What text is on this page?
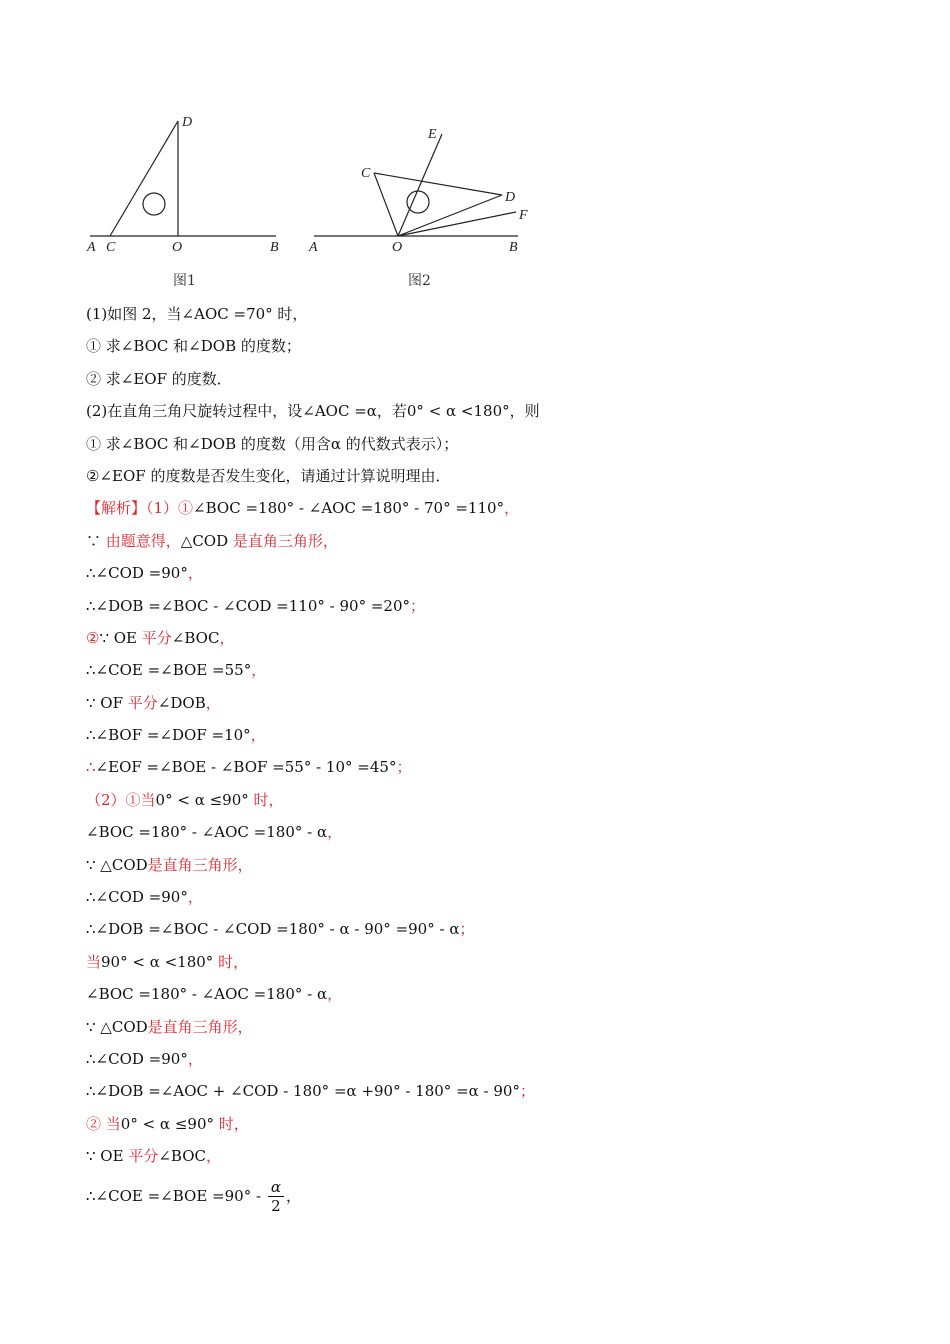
D
A C	O	B
E
C
D
F
A	O	B
图1	图2
(1)如图 2，当∠AOC =70° 时，
① 求∠BOC 和∠DOB 的度数；
② 求∠EOF 的度数．
(2)在直角三角尺旋转过程中，设∠AOC =α，若0° < α <180°，则
① 求∠BOC 和∠DOB 的度数（用含α 的代数式表示）；
②∠EOF 的度数是否发生变化，请通过计算说明理由．
【解析】（1）①∠BOC =180° - ∠AOC =180° - 70° =110°，
∵ 由题意得，△COD 是直角三角形，
∴∠COD =90°，
∴∠DOB =∠BOC - ∠COD =110° - 90° =20°；
②∵ OE 平分∠BOC，
∴∠COE =∠BOE =55°，
∵ OF 平分∠DOB，
∴∠BOF =∠DOF =10°，
∴∠EOF =∠BOE - ∠BOF =55° - 10° =45°；
（2）①当0° < α ≤90° 时，
∠BOC =180° - ∠AOC =180° - α，
∵ △COD是直角三角形，
∴∠COD =90°，
∴∠DOB =∠BOC - ∠COD =180° - α - 90° =90° - α；
当90° < α <180° 时，
∠BOC =180° - ∠AOC =180° - α，
∵ △COD是直角三角形，
∴∠COD =90°，
∴∠DOB =∠AOC + ∠COD - 180° =α +90° - 180° =α - 90°；
② 当0° < α ≤90° 时，
∵ OE 平分∠BOC，
∴∠COE =∠BOE $=90^\circ - \frac{\alpha}{2}$ ，
